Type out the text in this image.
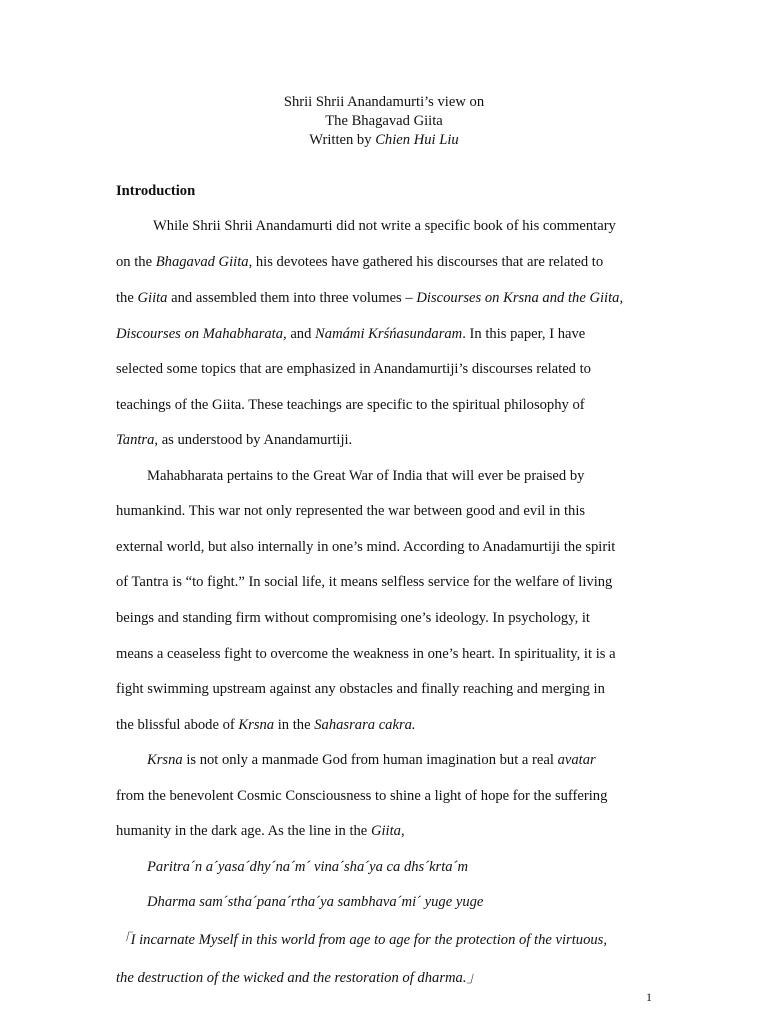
Shrii Shrii Anandamurti’s view on
The Bhagavad Giita
Written by Chien Hui Liu
Introduction
While Shrii Shrii Anandamurti did not write a specific book of his commentary
on the Bhagavad Giita, his devotees have gathered his discourses that are related to
the Giita and assembled them into three volumes – Discourses on Krsna and the Giita,
Discourses on Mahabharata, and Namámi Krśńasundaram. In this paper, I have
selected some topics that are emphasized in Anandamurtiji’s discourses related to
teachings of the Giita. These teachings are specific to the spiritual philosophy of
Tantra, as understood by Anandamurtiji.
Mahabharata pertains to the Great War of India that will ever be praised by
humankind. This war not only represented the war between good and evil in this
external world, but also internally in one’s mind. According to Anadamurtiji the spirit
of Tantra is “to fight.” In social life, it means selfless service for the welfare of living
beings and standing firm without compromising one’s ideology. In psychology, it
means a ceaseless fight to overcome the weakness in one’s heart. In spirituality, it is a
fight swimming upstream against any obstacles and finally reaching and merging in
the blissful abode of Krsna in the Sahasrara cakra.
Krsna is not only a manmade God from human imagination but a real avatar
from the benevolent Cosmic Consciousness to shine a light of hope for the suffering
humanity in the dark age. As the line in the Giita,
Paritra´n a´yasa´dhy´na´m´ vina´sha´ya ca dhs´krta´m
Dharma sam´stha´pana´rtha´ya sambhava´mi´ yuge yuge
「I incarnate Myself in this world from age to age for the protection of the virtuous,
the destruction of the wicked and the restoration of dharma.」
1
